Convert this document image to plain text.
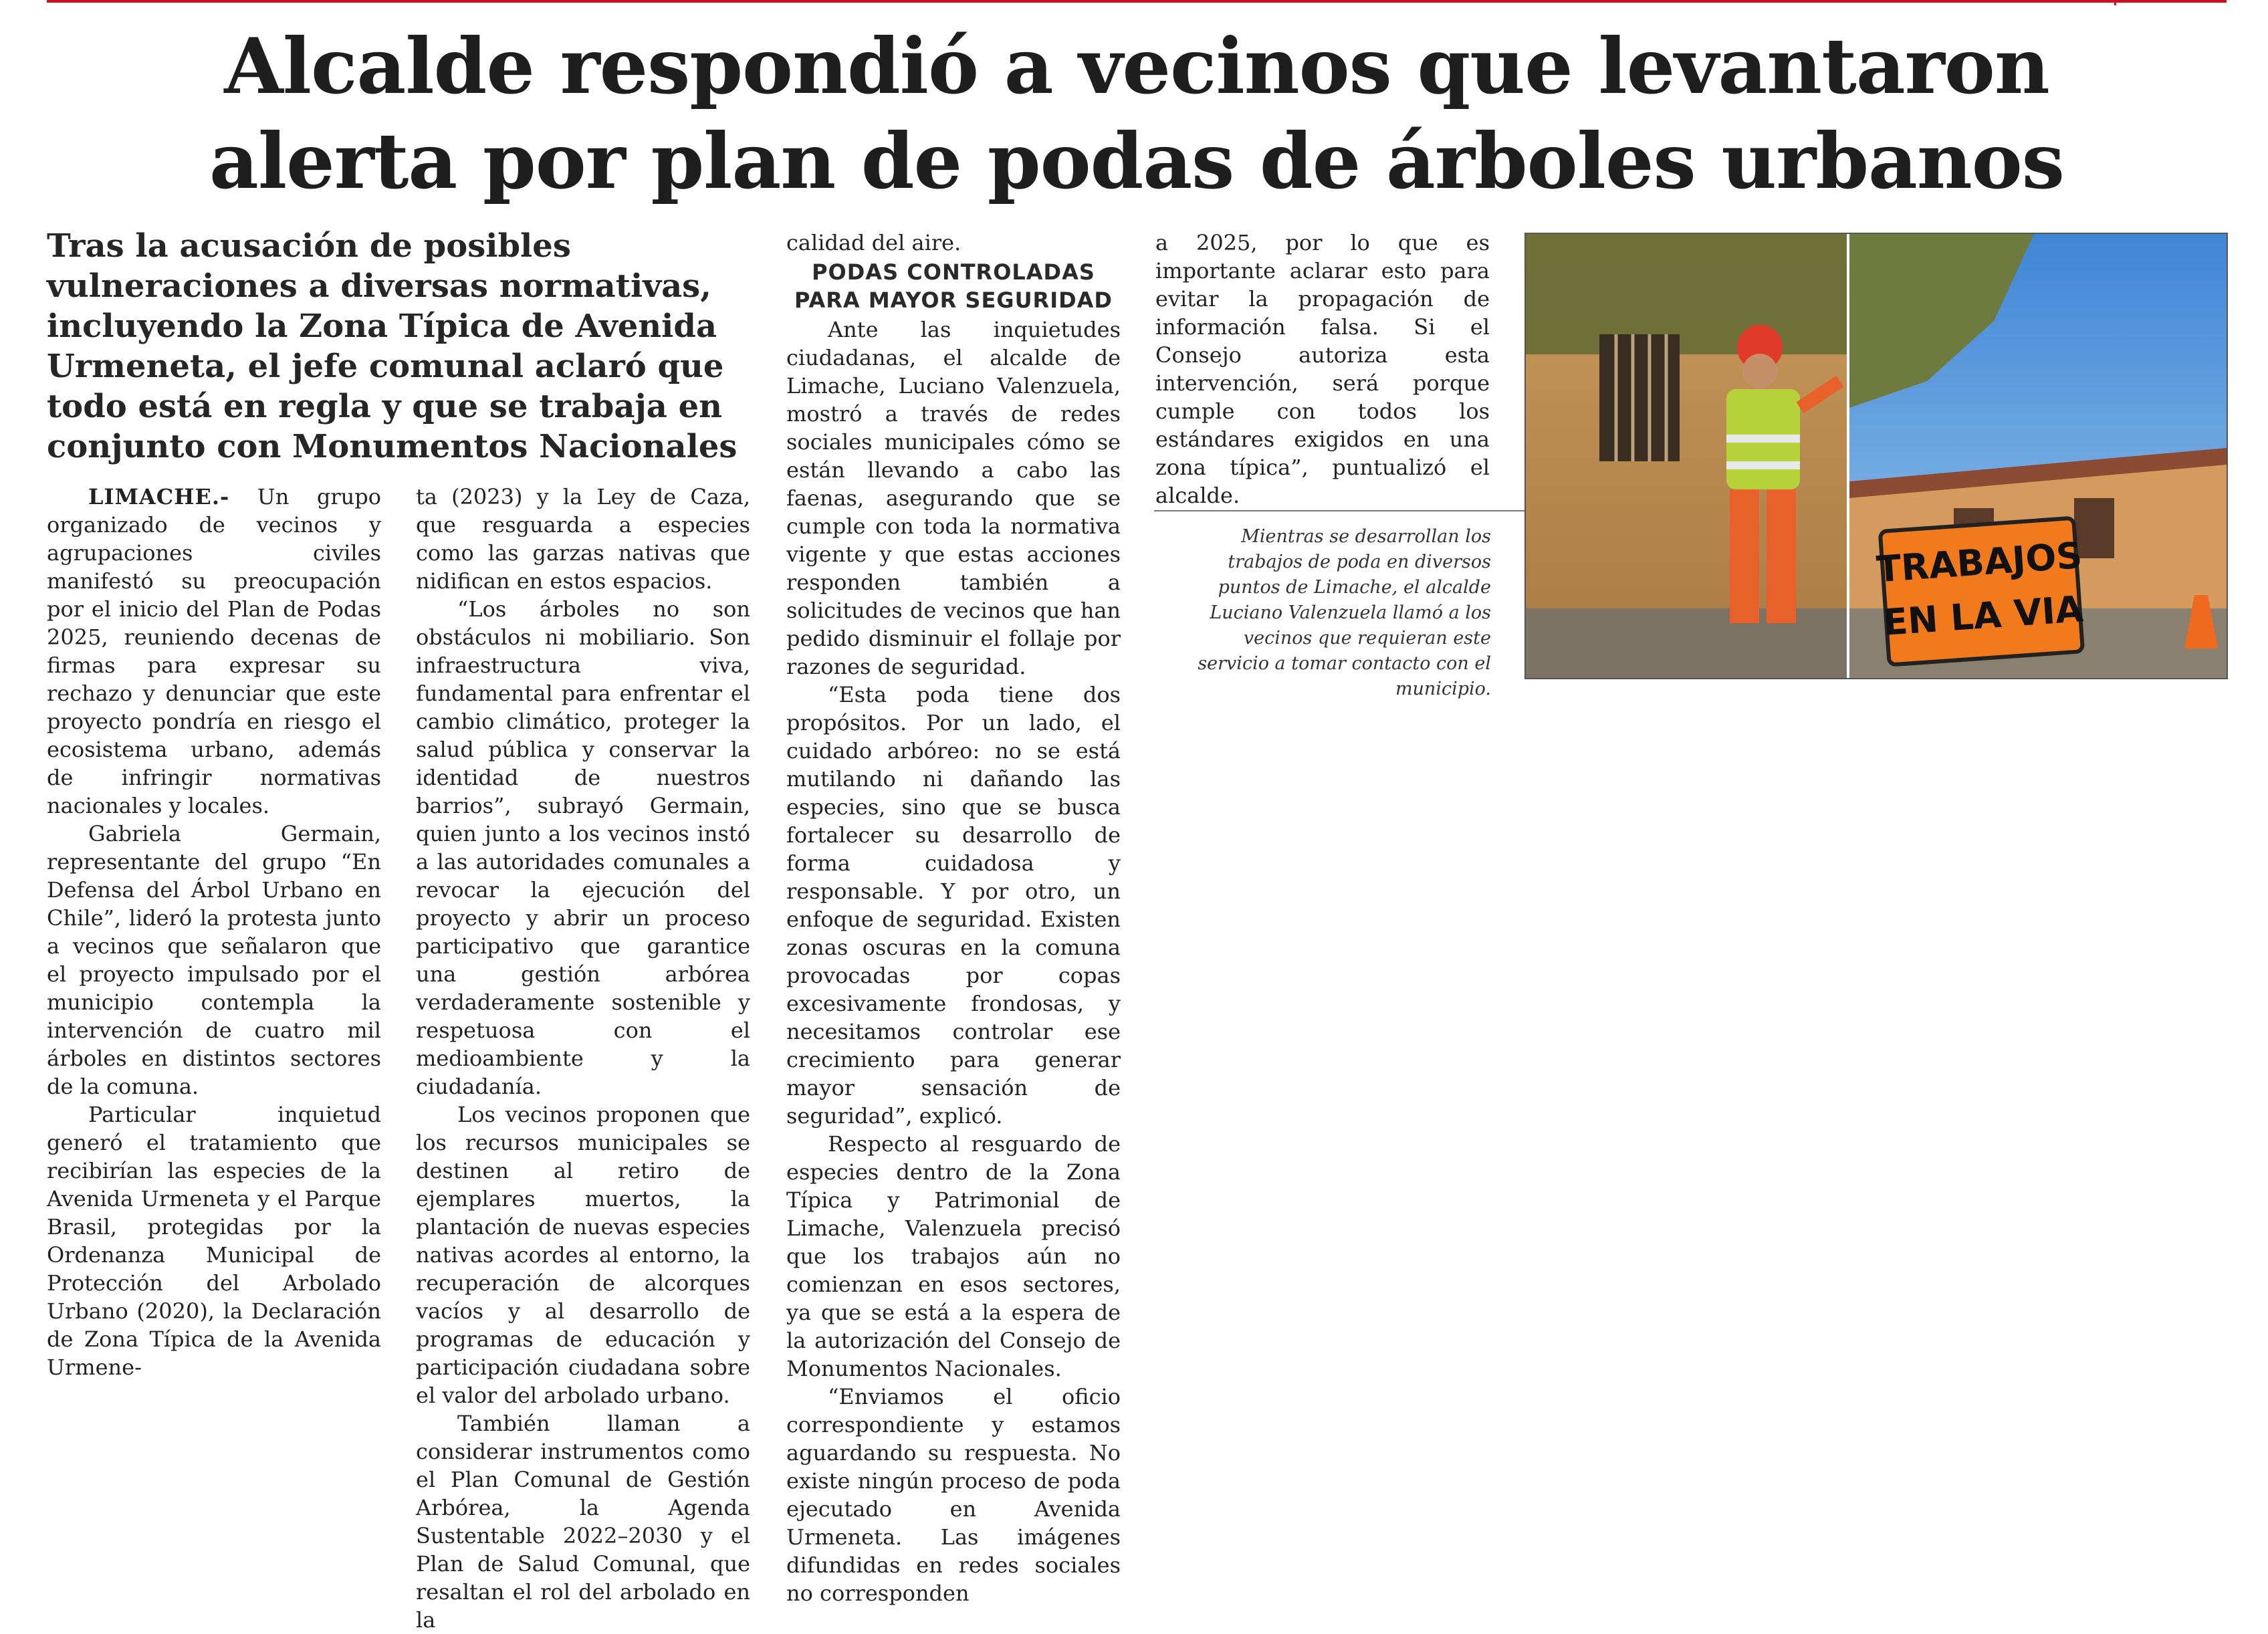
Alcalde respondió a vecinos que levantaron
alerta por plan de podas de árboles urbanos
Tras la acusación de posibles vulneraciones a diversas normativas, incluyendo la Zona Típica de Avenida Urmeneta, el jefe comunal aclaró que todo está en regla y que se trabaja en conjunto con Monumentos Nacionales

LIMACHE.- Un grupo organizado de vecinos y agrupaciones civiles manifestó su preocupación por el inicio del Plan de Podas 2025, reuniendo decenas de firmas para expresar su rechazo y denunciar que este proyecto pondría en riesgo el ecosistema urbano, además de infringir normativas nacionales y locales.

Gabriela Germain, representante del grupo “En Defensa del Árbol Urbano en Chile”, lideró la protesta junto a vecinos que señalaron que el proyecto impulsado por el municipio contempla la intervención de cuatro mil árboles en distintos sectores de la comuna.

Particular inquietud generó el tratamiento que recibirían las especies de la Avenida Urmeneta y el Parque Brasil, protegidas por la Ordenanza Municipal de Protección del Arbolado Urbano (2020), la Declaración de Zona Típica de la Avenida Urmene-

ta (2023) y la Ley de Caza, que resguarda a especies como las garzas nativas que nidifican en estos espacios.

“Los árboles no son obstáculos ni mobiliario. Son infraestructura viva, fundamental para enfrentar el cambio climático, proteger la salud pública y conservar la identidad de nuestros barrios”, subrayó Germain, quien junto a los vecinos instó a las autoridades comunales a revocar la ejecución del proyecto y abrir un proceso participativo que garantice una gestión arbórea verdaderamente sostenible y respetuosa con el medioambiente y la ciudadanía.

Los vecinos proponen que los recursos municipales se destinen al retiro de ejemplares muertos, la plantación de nuevas especies nativas acordes al entorno, la recuperación de alcorques vacíos y al desarrollo de programas de educación y participación ciudadana sobre el valor del arbolado urbano.

También llaman a considerar instrumentos como el Plan Comunal de Gestión Arbórea, la Agenda Sustentable 2022–2030 y el Plan de Salud Comunal, que resaltan el rol del arbolado en la

calidad del aire.

PODAS CONTROLADAS PARA MAYOR SEGURIDAD

Ante las inquietudes ciudadanas, el alcalde de Limache, Luciano Valenzuela, mostró a través de redes sociales municipales cómo se están llevando a cabo las faenas, asegurando que se cumple con toda la normativa vigente y que estas acciones responden también a solicitudes de vecinos que han pedido disminuir el follaje por razones de seguridad.

“Esta poda tiene dos propósitos. Por un lado, el cuidado arbóreo: no se está mutilando ni dañando las especies, sino que se busca fortalecer su desarrollo de forma cuidadosa y responsable. Y por otro, un enfoque de seguridad. Existen zonas oscuras en la comuna provocadas por copas excesivamente frondosas, y necesitamos controlar ese crecimiento para generar mayor sensación de seguridad”, explicó.

Respecto al resguardo de especies dentro de la Zona Típica y Patrimonial de Limache, Valenzuela precisó que los trabajos aún no comienzan en esos sectores, ya que se está a la espera de la autorización del Consejo de Monumentos Nacionales.

“Enviamos el oficio correspondiente y estamos aguardando su respuesta. No existe ningún proceso de poda ejecutado en Avenida Urmeneta. Las imágenes difundidas en redes sociales no corresponden

a 2025, por lo que es importante aclarar esto para evitar la propagación de información falsa. Si el Consejo autoriza esta intervención, será porque cumple con todos los estándares exigidos en una zona típica”, puntualizó el alcalde.

Mientras se desarrollan los trabajos de poda en diversos puntos de Limache, el alcalde Luciano Valenzuela llamó a los vecinos que requieran este servicio a tomar contacto con el municipio.
TRABAJOS
EN LA VIA
